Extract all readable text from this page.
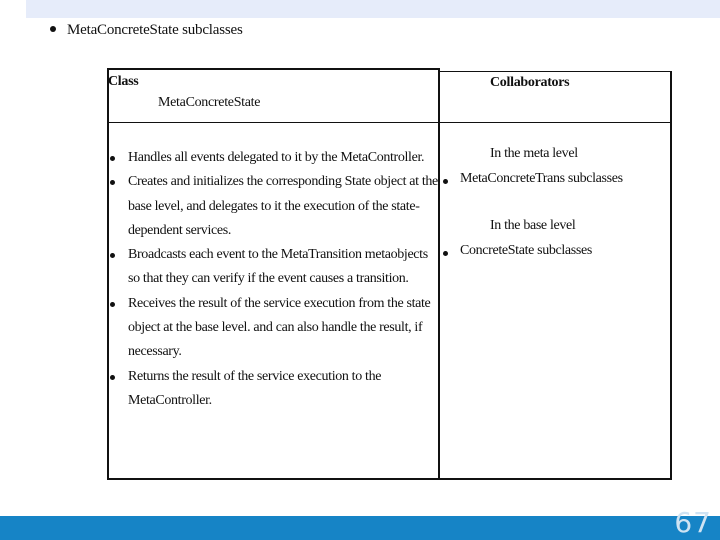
MetaConcreteState subclasses
Class
MetaConcreteState
Collaborators
Handles all events delegated to it by the MetaController.
Creates and initializes the corresponding State object at the base level, and delegates to it the execution of the state-dependent services.
Broadcasts each event to the MetaTransition metaobjects so that they can verify if the event causes a transition.
Receives the result of the service execution from the state object at the base level. and can also handle the result, if necessary.
Returns the result of the service execution to the MetaController.
In the meta level
MetaConcreteTrans subclasses
In the base level
ConcreteState subclasses
67
